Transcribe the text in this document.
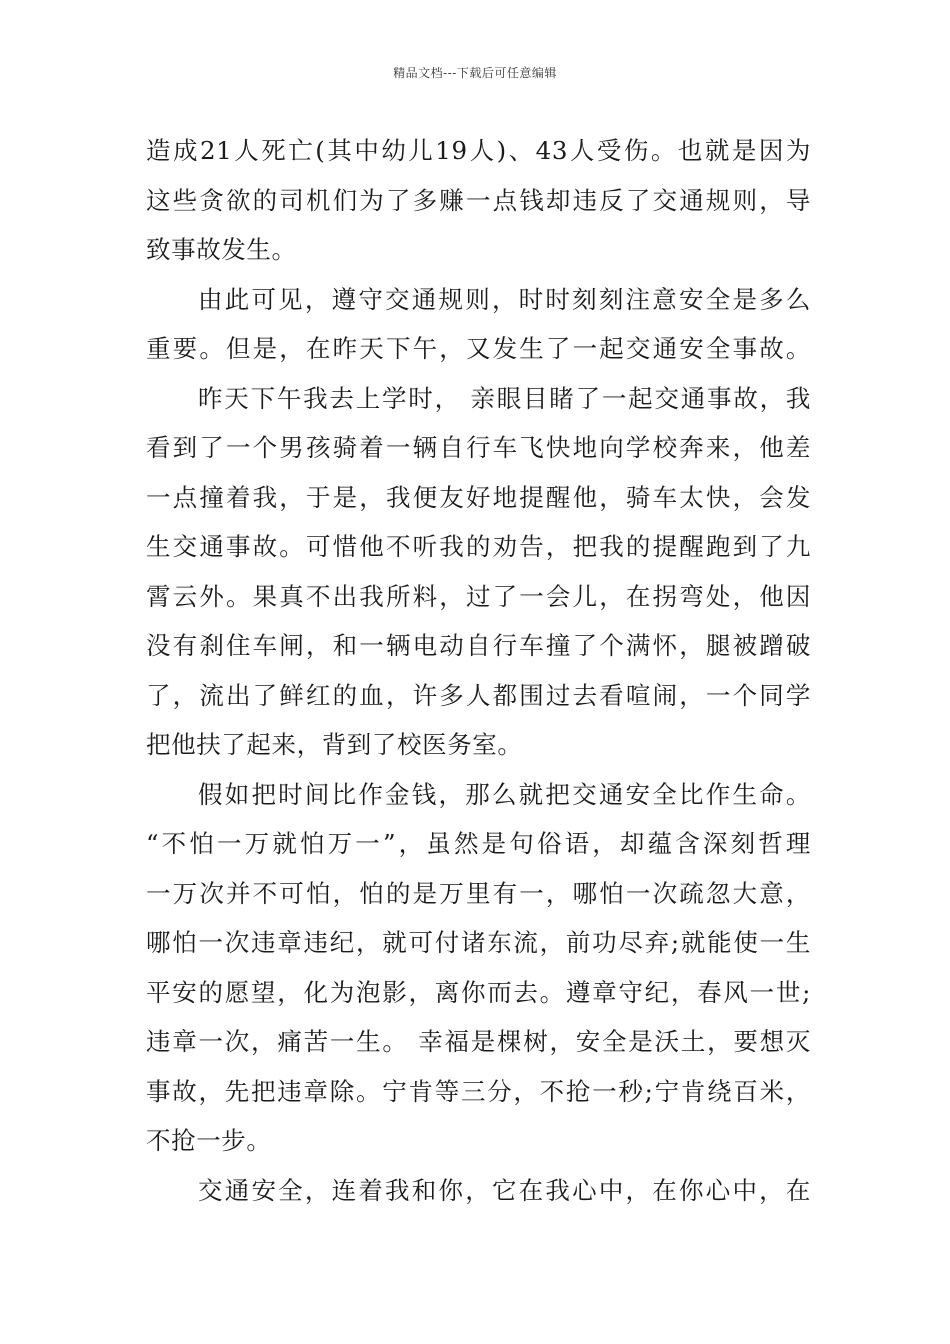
精品文档---下载后可任意编辑
造成21人死亡(其中幼儿19人)、43人受伤。也就是因为
这些贪欲的司机们为了多赚一点钱却违反了交通规则，导
致事故发生。
由此可见，遵守交通规则，时时刻刻注意安全是多么
重要。但是，在昨天下午，又发生了一起交通安全事故。
昨天下午我去上学时， 亲眼目睹了一起交通事故，我
看到了一个男孩骑着一辆自行车飞快地向学校奔来，他差
一点撞着我，于是，我便友好地提醒他，骑车太快，会发
生交通事故。可惜他不听我的劝告，把我的提醒跑到了九
霄云外。果真不出我所料，过了一会儿，在拐弯处，他因
没有刹住车闸，和一辆电动自行车撞了个满怀，腿被蹭破
了，流出了鲜红的血，许多人都围过去看喧闹，一个同学
把他扶了起来，背到了校医务室。
假如把时间比作金钱，那么就把交通安全比作生命。
“不怕一万就怕万一”，虽然是句俗语，却蕴含深刻哲理
一万次并不可怕，怕的是万里有一，哪怕一次疏忽大意，
哪怕一次违章违纪，就可付诸东流，前功尽弃;就能使一生
平安的愿望，化为泡影，离你而去。遵章守纪，春风一世;
违章一次，痛苦一生。 幸福是棵树，安全是沃土，要想灭
事故，先把违章除。宁肯等三分，不抢一秒;宁肯绕百米，
不抢一步。
交通安全，连着我和你，它在我心中，在你心中，在
